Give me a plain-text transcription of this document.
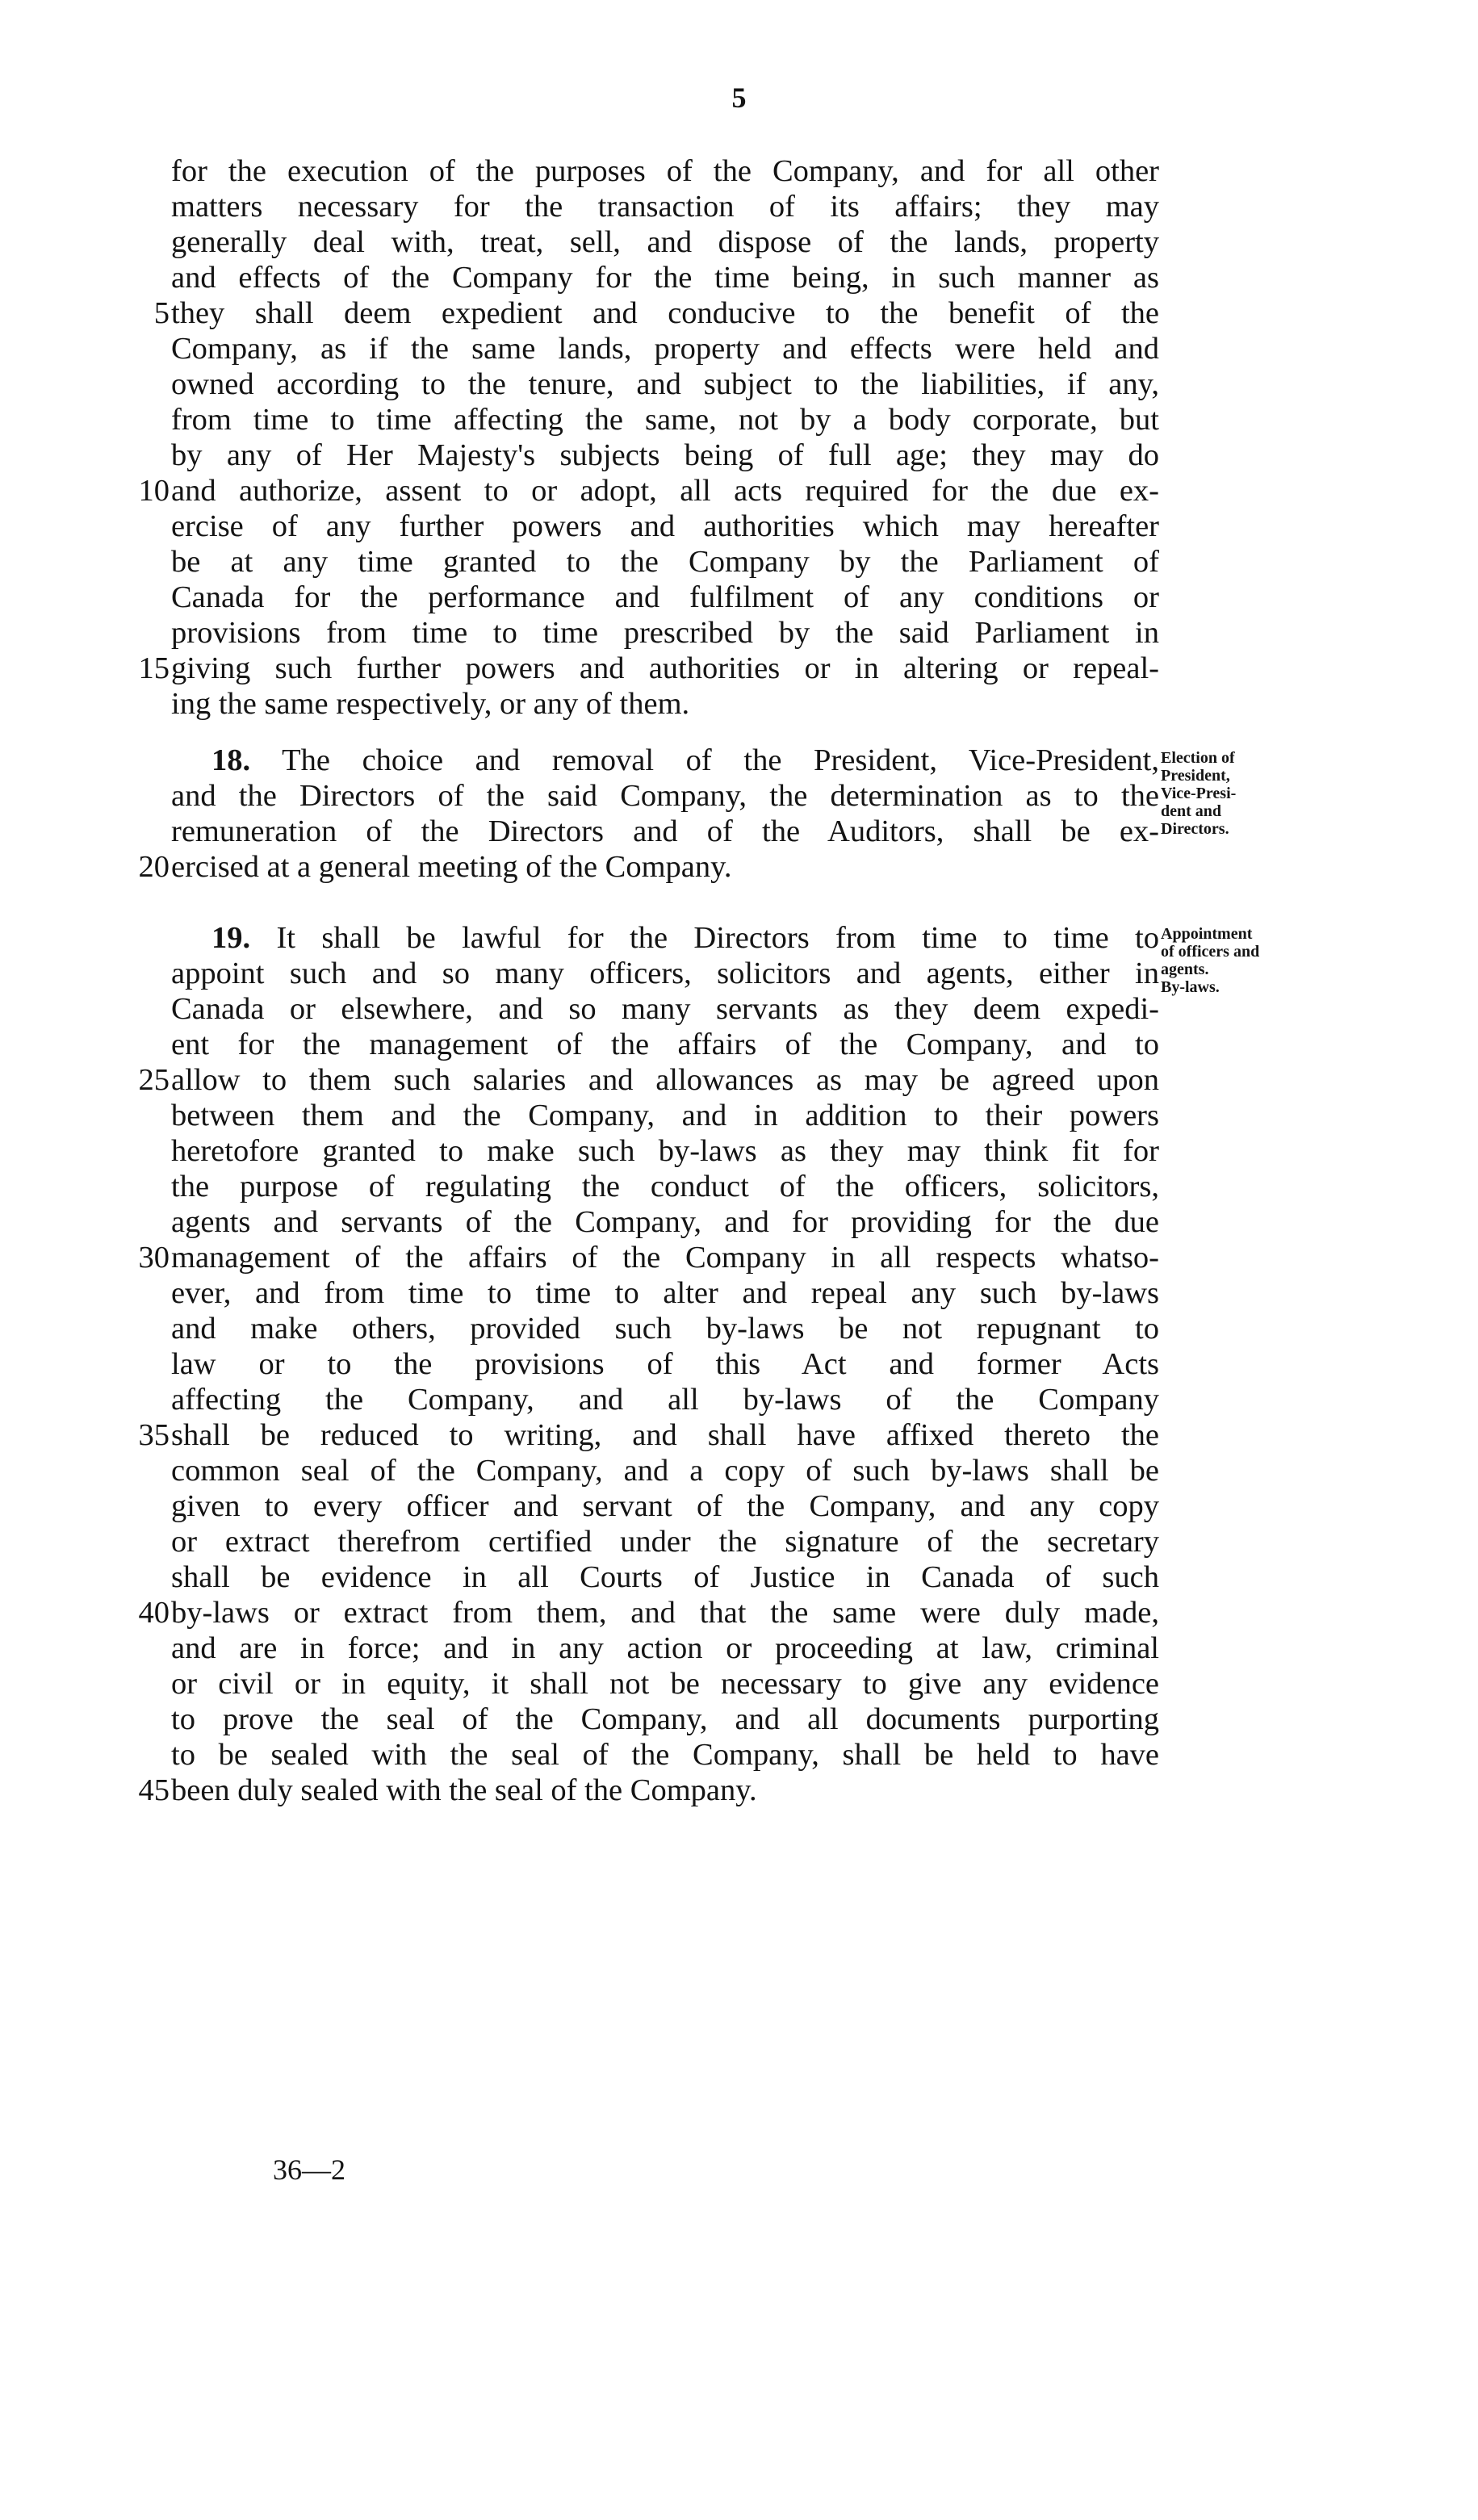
5
for the execution of the purposes of the Company, and for all other
matters necessary for the transaction of its affairs; they may
generally deal with, treat, sell, and dispose of the lands, property
and effects of the Company for the time being, in such manner as
they shall deem expedient and conducive to the benefit of the
Company, as if the same lands, property and effects were held and
owned according to the tenure, and subject to the liabilities, if any,
from time to time affecting the same, not by a body corporate, but
by any of Her Majesty's subjects being of full age; they may do
and authorize, assent to or adopt, all acts required for the due ex-
ercise of any further powers and authorities which may hereafter
be at any time granted to the Company by the Parliament of
Canada for the performance and fulfilment of any conditions or
provisions from time to time prescribed by the said Parliament in
giving such further powers and authorities or in altering or repeal-
ing the same respectively, or any of them.
18. The choice and removal of the President, Vice-President,
and the Directors of the said Company, the determination as to the
remuneration of the Directors and of the Auditors, shall be ex-
ercised at a general meeting of the Company.
Election of
President,
Vice-Presi-
dent and
Directors.
19. It shall be lawful for the Directors from time to time to
appoint such and so many officers, solicitors and agents, either in
Canada or elsewhere, and so many servants as they deem expedi-
ent for the management of the affairs of the Company, and to
allow to them such salaries and allowances as may be agreed upon
between them and the Company, and in addition to their powers
heretofore granted to make such by-laws as they may think fit for
the purpose of regulating the conduct of the officers, solicitors,
agents and servants of the Company, and for providing for the due
management of the affairs of the Company in all respects whatso-
ever, and from time to time to alter and repeal any such by-laws
and make others, provided such by-laws be not repugnant to
law or to the provisions of this Act and former Acts
affecting the Company, and all by-laws of the Company
shall be reduced to writing, and shall have affixed thereto the
common seal of the Company, and a copy of such by-laws shall be
given to every officer and servant of the Company, and any copy
or extract therefrom certified under the signature of the secretary
shall be evidence in all Courts of Justice in Canada of such
by-laws or extract from them, and that the same were duly made,
and are in force; and in any action or proceeding at law, criminal
or civil or in equity, it shall not be necessary to give any evidence
to prove the seal of the Company, and all documents purporting
to be sealed with the seal of the Company, shall be held to have
been duly sealed with the seal of the Company.
Appointment
of officers and
agents.
By-laws.
5
10
15
20
25
30
35
40
45
36—2
